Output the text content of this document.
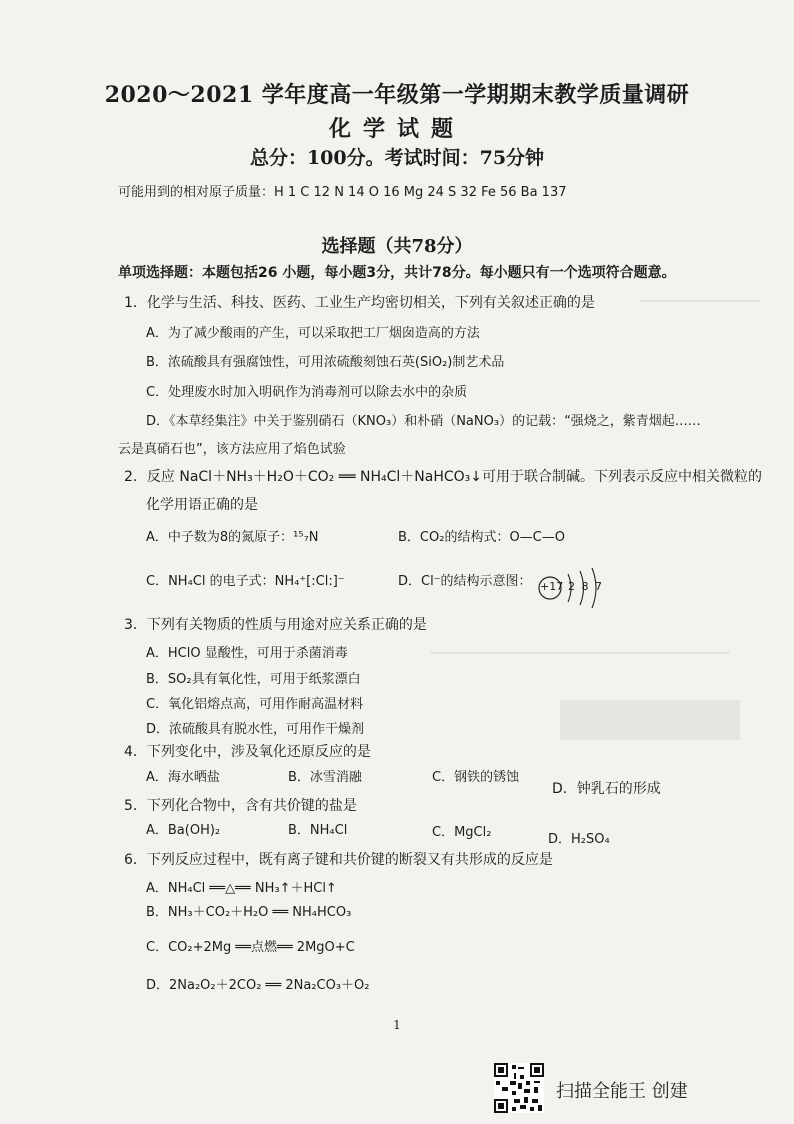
2020～2021 学年度高一年级第一学期期末教学质量调研
化学试题
总分：100分。考试时间：75分钟
可能用到的相对原子质量：H 1 C 12 N 14 O 16 Mg 24 S 32 Fe 56 Ba 137
选择题（共78分）
单项选择题：本题包括26 小题，每小题3分，共计78分。每小题只有一个选项符合题意。
1．化学与生活、科技、医药、工业生产均密切相关，下列有关叙述正确的是
A．为了减少酸雨的产生，可以采取把工厂烟囱造高的方法
B．浓硫酸具有强腐蚀性，可用浓硫酸刻蚀石英(SiO₂)制艺术品
C．处理废水时加入明矾作为消毒剂可以除去水中的杂质
D．《本草经集注》中关于鉴别硝石（KNO₃）和朴硝（NaNO₃）的记载：“强烧之，紫青烟起……
云是真硝石也”，该方法应用了焰色试验
2．反应 NaCl＋NH₃＋H₂O＋CO₂ ══ NH₄Cl＋NaHCO₃↓可用于联合制碱。下列表示反应中相关微粒的
化学用语正确的是
A．中子数为8的氮原子：¹⁵₇N	B．CO₂的结构式：O—C—O
C．NH₄Cl 的电子式：NH₄⁺[:Cl:]⁻	D．Cl⁻的结构示意图： +17 2 8 7
3．下列有关物质的性质与用途对应关系正确的是
A．HClO 显酸性，可用于杀菌消毒
B．SO₂具有氧化性，可用于纸浆漂白
C．氧化铝熔点高，可用作耐高温材料
D．浓硫酸具有脱水性，可用作干燥剂
4．下列变化中，涉及氧化还原反应的是
A．海水晒盐	B．冰雪消融	C．钢铁的锈蚀
D．钟乳石的形成
5．下列化合物中，含有共价键的盐是
A．Ba(OH)₂	B．NH₄Cl	C．MgCl₂	D．H₂SO₄
6．下列反应过程中，既有离子键和共价键的断裂又有共形成的反应是
A．NH₄Cl ══△══ NH₃↑＋HCl↑
B．NH₃＋CO₂＋H₂O ══ NH₄HCO₃
C．CO₂+2Mg ══点燃══ 2MgO+C
D．2Na₂O₂＋2CO₂ ══ 2Na₂CO₃＋O₂
1
扫描全能王 创建
